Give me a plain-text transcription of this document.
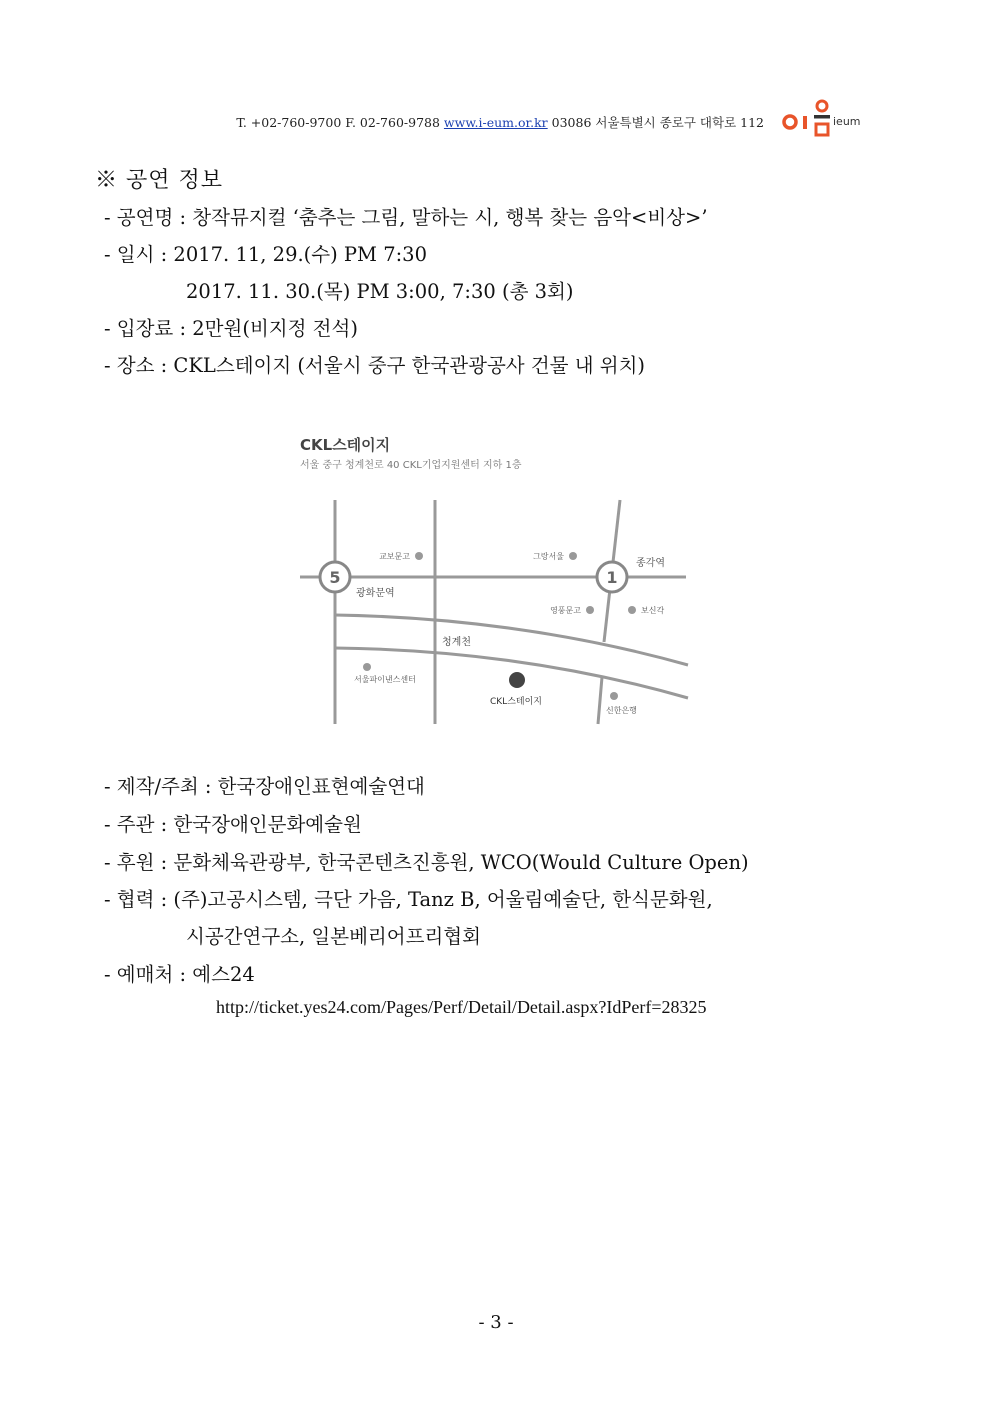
T. +02-760-9700 F. 02-760-9788 www.i-eum.or.kr 03086 서울특별시 종로구 대학로 112	ieum
※ 공연 정보
- 공연명 : 창작뮤지컬 ‘춤추는 그림, 말하는 시, 행복 찾는 음악<비상>’
- 일시 : 2017. 11, 29.(수) PM 7:30
2017. 11. 30.(목) PM 3:00, 7:30 (총 3회)
- 입장료 : 2만원(비지정 전석)
- 장소 : CKL스테이지 (서울시 중구 한국관광공사 건물 내 위치)
CKL스테이지
서울 중구 청계천로 40 CKL기업지원센터 지하 1층
5
광화문역
1
종각역
교보문고	그랑서울
영풍문고	보신각
청계천
서울파이낸스센터
CKL스테이지
신한은행
- 제작/주최 : 한국장애인표현예술연대
- 주관 : 한국장애인문화예술원
- 후원 : 문화체육관광부, 한국콘텐츠진흥원, WCO(Would Culture Open)
- 협력 : (주)고공시스템, 극단 가음, Tanz B, 어울림예술단, 한식문화원,
시공간연구소, 일본베리어프리협회
- 예매처 : 예스24
http://ticket.yes24.com/Pages/Perf/Detail/Detail.aspx?IdPerf=28325
- 3 -
